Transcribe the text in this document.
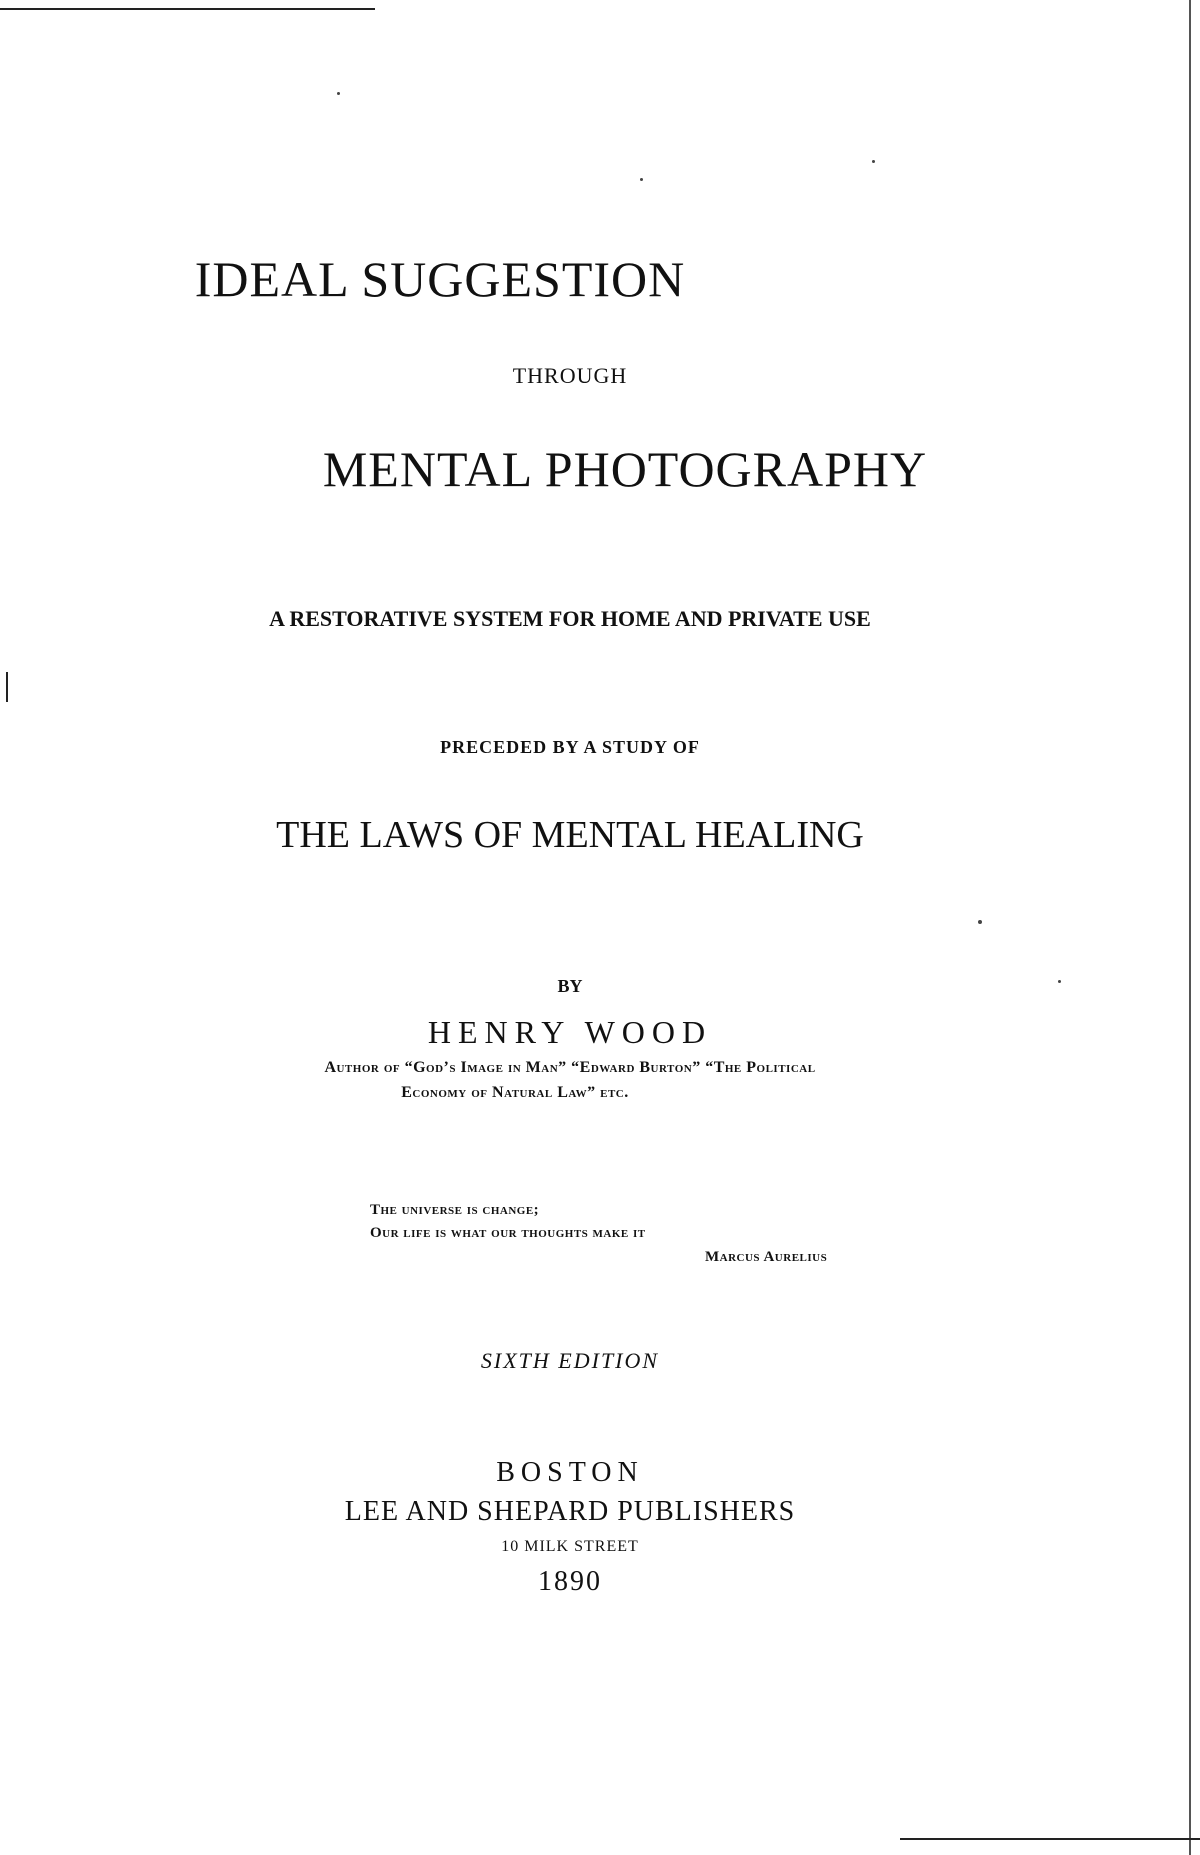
IDEAL SUGGESTION
THROUGH
MENTAL PHOTOGRAPHY
A RESTORATIVE SYSTEM FOR HOME AND PRIVATE USE
PRECEDED BY A STUDY OF
THE LAWS OF MENTAL HEALING
BY
HENRY WOOD
Author of “God’s Image in Man” “Edward Burton” “The Political
Economy of Natural Law” etc.
The universe is change;
Our life is what our thoughts make it
Marcus Aurelius
SIXTH EDITION
BOSTON
LEE AND SHEPARD PUBLISHERS
10 MILK STREET
1890
